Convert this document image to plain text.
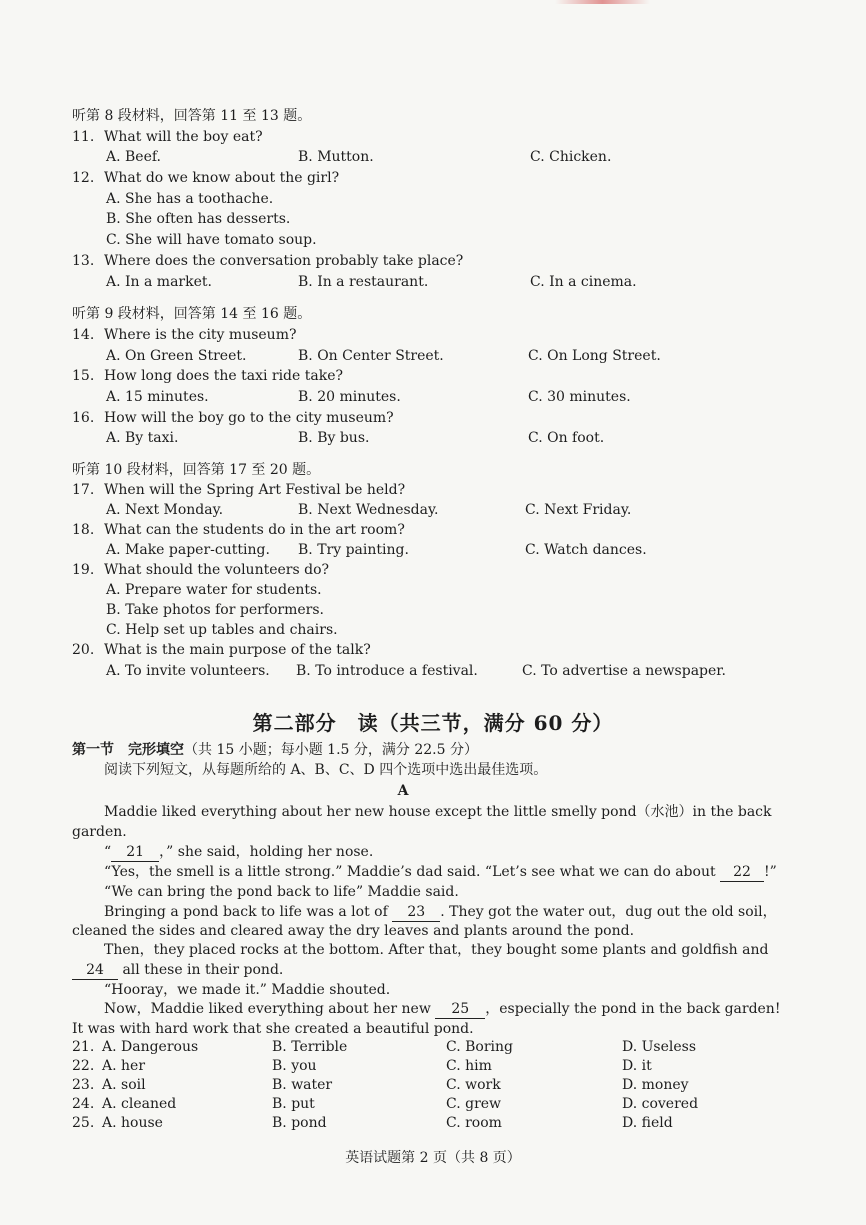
听第 8 段材料，回答第 11 至 13 题。
11. What will the boy eat?
A. Beef.	B. Mutton.	C. Chicken.
12. What do we know about the girl?
A. She has a toothache.
B. She often has desserts.
C. She will have tomato soup.
13. Where does the conversation probably take place?
A. In a market.	B. In a restaurant.	C. In a cinema.
听第 9 段材料，回答第 14 至 16 题。
14. Where is the city museum?
A. On Green Street.	B. On Center Street.	C. On Long Street.
15. How long does the taxi ride take?
A. 15 minutes.	B. 20 minutes.	C. 30 minutes.
16. How will the boy go to the city museum?
A. By taxi.	B. By bus.	C. On foot.
听第 10 段材料，回答第 17 至 20 题。
17. When will the Spring Art Festival be held?
A. Next Monday.	B. Next Wednesday.	C. Next Friday.
18. What can the students do in the art room?
A. Make paper-cutting. B. Try painting.	C. Watch dances.
19. What should the volunteers do?
A. Prepare water for students.
B. Take photos for performers.
C. Help set up tables and chairs.
20. What is the main purpose of the talk?
A. To invite volunteers. B. To introduce a festival.	C. To advertise a newspaper.
第二部分　读（共三节，满分 60 分）
第一节　完形填空（共 15 小题；每小题 1.5 分，满分 22.5 分）
阅读下列短文，从每题所给的 A、B、C、D 四个选项中选出最佳选项。
A
Maddie liked everything about her new house except the little smelly pond（水池）in the back
garden.
“ 21 ，” she said，holding her nose.
“Yes，the smell is a little strong.” Maddie’s dad said. “Let’s see what we can do about 22 !”
“We can bring the pond back to life” Maddie said.
Bringing a pond back to life was a lot of 23 . They got the water out，dug out the old soil，
cleaned the sides and cleared away the dry leaves and plants around the pond.
Then，they placed rocks at the bottom. After that，they bought some plants and goldfish and
24 all these in their pond.
“Hooray，we made it.” Maddie shouted.
Now，Maddie liked everything about her new 25 ，especially the pond in the back garden!
It was with hard work that she created a beautiful pond.
21. A. Dangerous	B. Terrible	C. Boring	D. Useless
22. A. her	B. you	C. him	D. it
23. A. soil	B. water	C. work	D. money
24. A. cleaned	B. put	C. grew	D. covered
25. A. house	B. pond	C. room	D. field
英语试题第 2 页（共 8 页）
